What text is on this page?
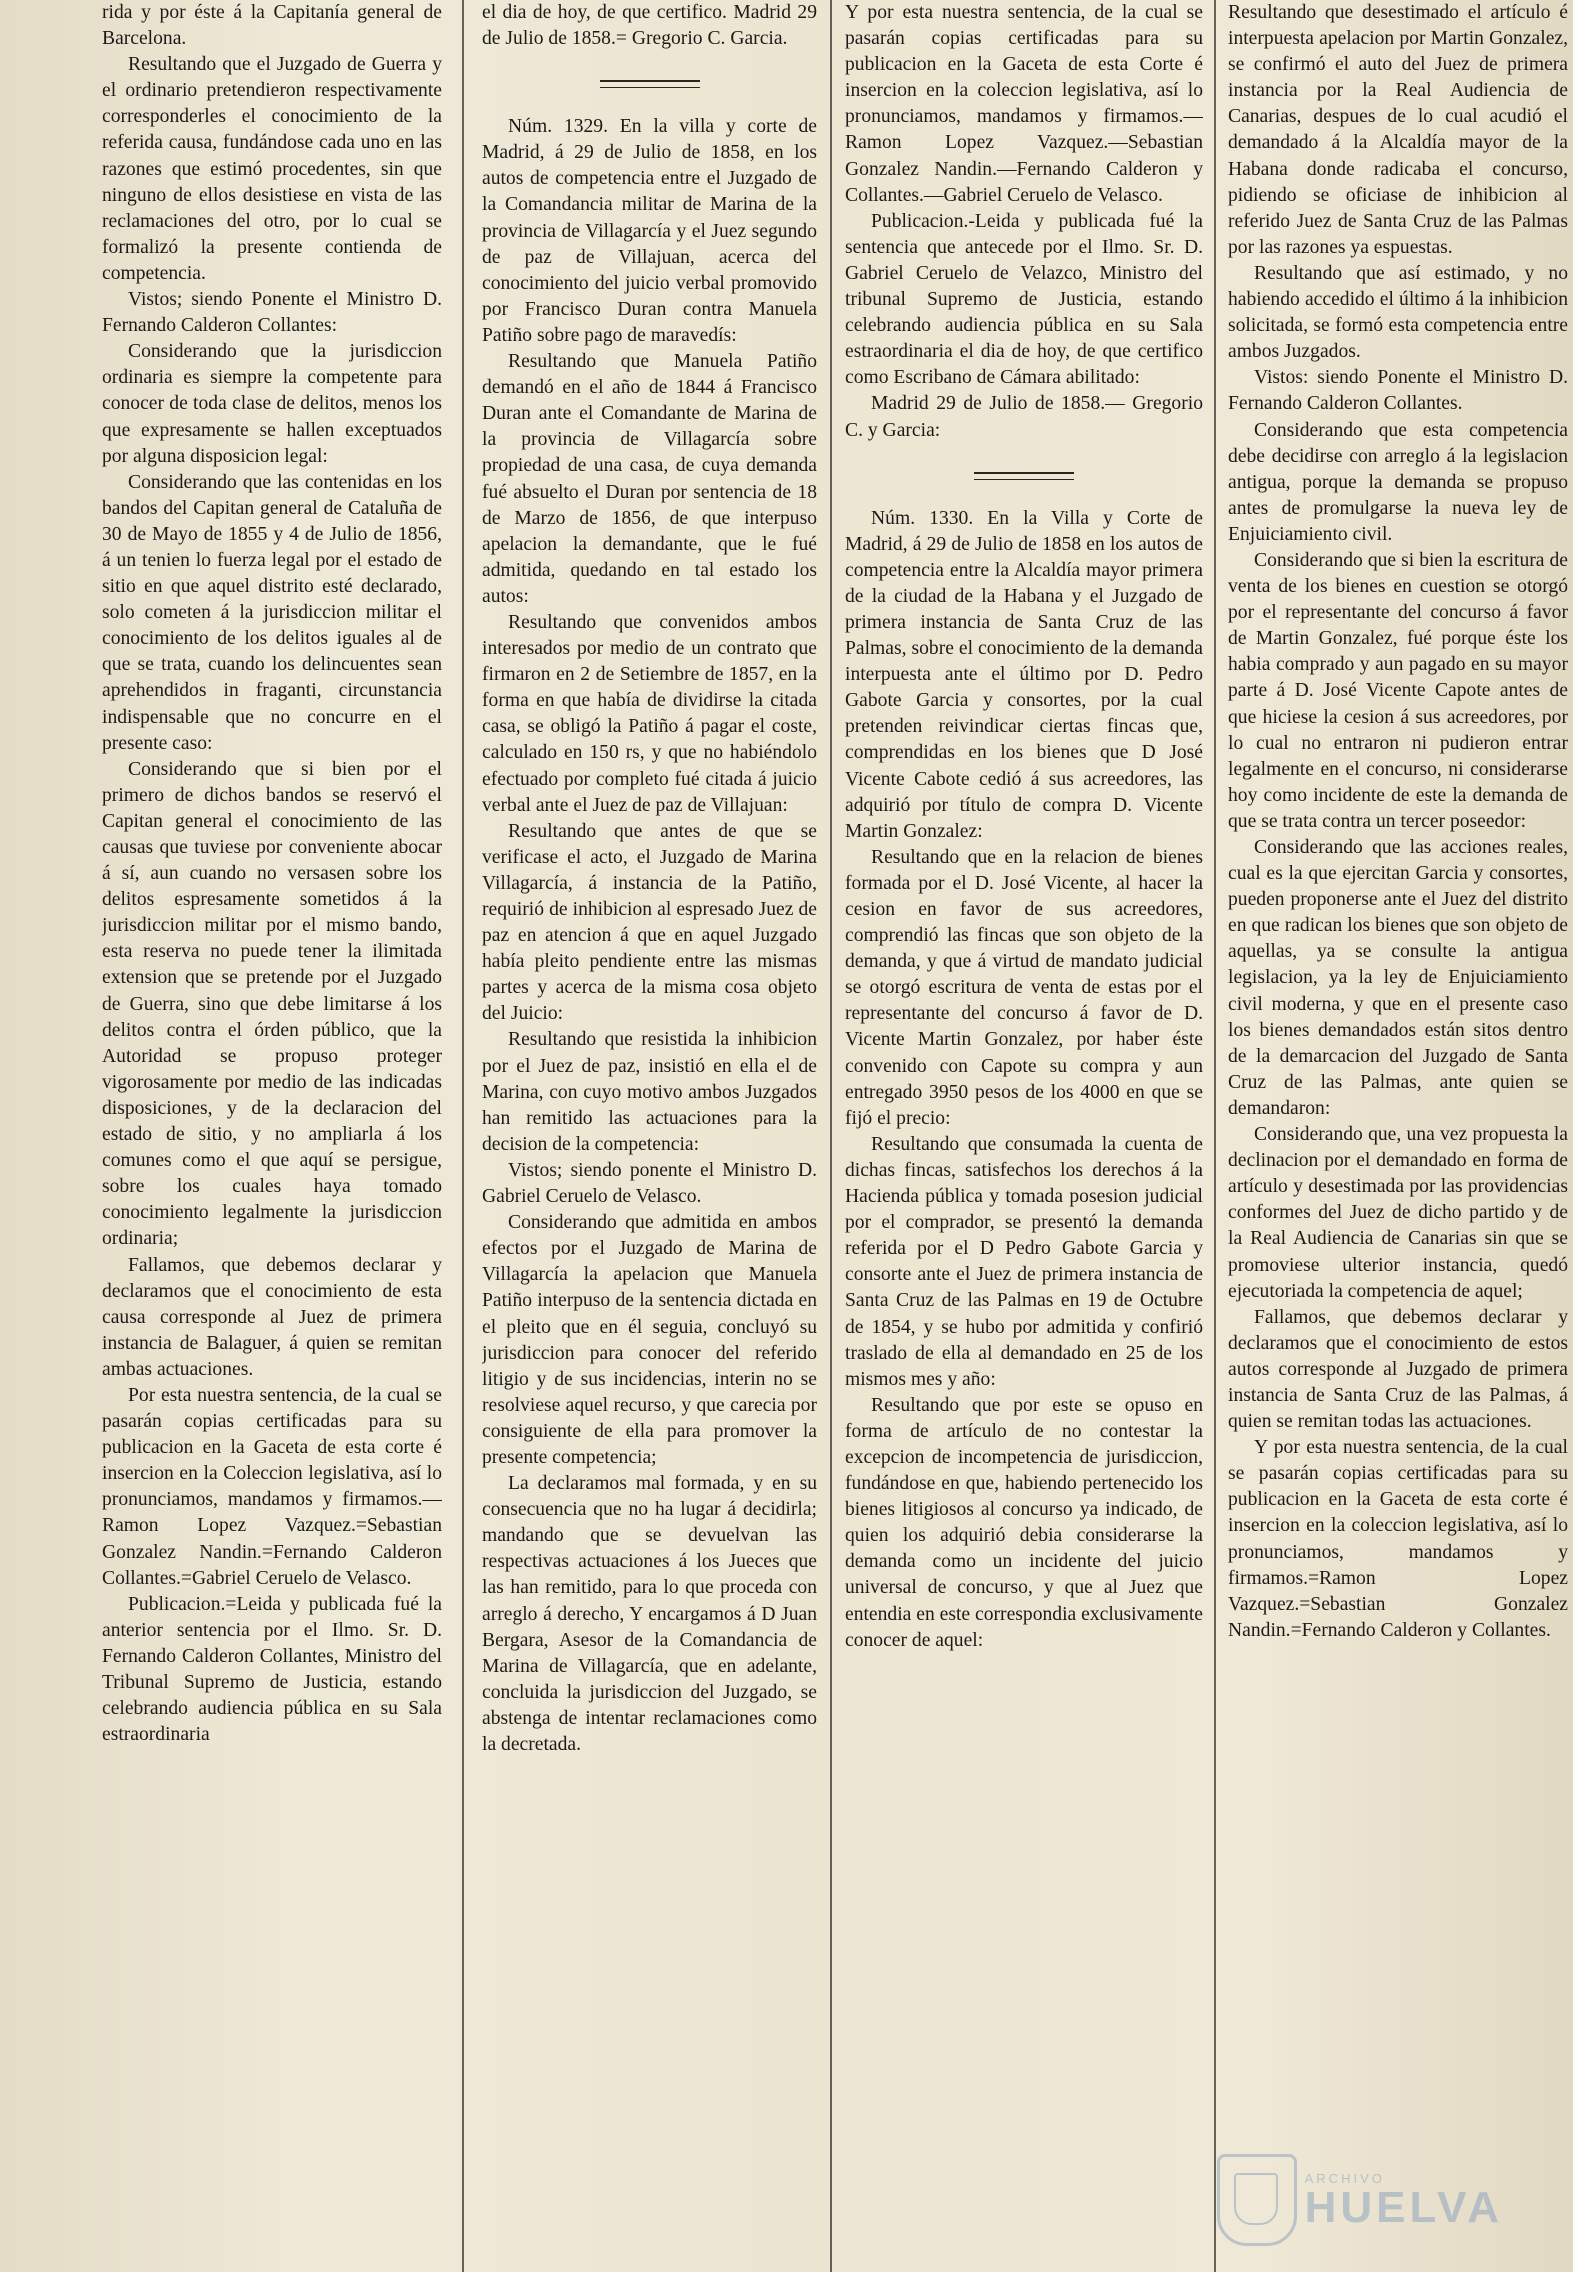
rida y por éste á la Capitanía general de Barcelona.

Resultando que el Juzgado de Guerra y el ordinario pretendieron respectivamente corresponderles el conocimiento de la referida causa, fundándose cada uno en las razones que estimó procedentes, sin que ninguno de ellos desistiese en vista de las reclamaciones del otro, por lo cual se formalizó la presente contienda de competencia.

Vistos; siendo Ponente el Ministro D. Fernando Calderon Collantes:

Considerando que la jurisdiccion ordinaria es siempre la competente para conocer de toda clase de delitos, menos los que expresamente se hallen exceptuados por alguna disposicion legal:

Considerando que las contenidas en los bandos del Capitan general de Cataluña de 30 de Mayo de 1855 y 4 de Julio de 1856, á un tenien lo fuerza legal por el estado de sitio en que aquel distrito esté declarado, solo cometen á la jurisdiccion militar el conocimiento de los delitos iguales al de que se trata, cuando los delincuentes sean aprehendidos in fraganti, circunstancia indispensable que no concurre en el presente caso:

Considerando que si bien por el primero de dichos bandos se reservó el Capitan general el conocimiento de las causas que tuviese por conveniente abocar á sí, aun cuando no versasen sobre los delitos espresamente sometidos á la jurisdiccion militar por el mismo bando, esta reserva no puede tener la ilimitada extension que se pretende por el Juzgado de Guerra, sino que debe limitarse á los delitos contra el órden público, que la Autoridad se propuso proteger vigorosamente por medio de las indicadas disposiciones, y de la declaracion del estado de sitio, y no ampliarla á los comunes como el que aquí se persigue, sobre los cuales haya tomado conocimiento legalmente la jurisdiccion ordinaria;

Fallamos, que debemos declarar y declaramos que el conocimiento de esta causa corresponde al Juez de primera instancia de Balaguer, á quien se remitan ambas actuaciones.

Por esta nuestra sentencia, de la cual se pasarán copias certificadas para su publicacion en la Gaceta de esta corte é insercion en la Coleccion legislativa, así lo pronunciamos, mandamos y firmamos.—Ramon Lopez Vazquez.=Sebastian Gonzalez Nandin.=Fernando Calderon Collantes.=Gabriel Ceruelo de Velasco.

Publicacion.=Leida y publicada fué la anterior sentencia por el Ilmo. Sr. D. Fernando Calderon Collantes, Ministro del Tribunal Supremo de Justicia, estando celebrando audiencia pública en su Sala estraordinaria

el dia de hoy, de que certifico. Madrid 29 de Julio de 1858.= Gregorio C. Garcia.

Núm. 1329. En la villa y corte de Madrid, á 29 de Julio de 1858, en los autos de competencia entre el Juzgado de la Comandancia militar de Marina de la provincia de Villagarcía y el Juez segundo de paz de Villajuan, acerca del conocimiento del juicio verbal promovido por Francisco Duran contra Manuela Patiño sobre pago de maravedís:

Resultando que Manuela Patiño demandó en el año de 1844 á Francisco Duran ante el Comandante de Marina de la provincia de Villagarcía sobre propiedad de una casa, de cuya demanda fué absuelto el Duran por sentencia de 18 de Marzo de 1856, de que interpuso apelacion la demandante, que le fué admitida, quedando en tal estado los autos:

Resultando que convenidos ambos interesados por medio de un contrato que firmaron en 2 de Setiembre de 1857, en la forma en que había de dividirse la citada casa, se obligó la Patiño á pagar el coste, calculado en 150 rs, y que no habiéndolo efectuado por completo fué citada á juicio verbal ante el Juez de paz de Villajuan:

Resultando que antes de que se verificase el acto, el Juzgado de Marina Villagarcía, á instancia de la Patiño, requirió de inhibicion al espresado Juez de paz en atencion á que en aquel Juzgado había pleito pendiente entre las mismas partes y acerca de la misma cosa objeto del Juicio:

Resultando que resistida la inhibicion por el Juez de paz, insistió en ella el de Marina, con cuyo motivo ambos Juzgados han remitido las actuaciones para la decision de la competencia:

Vistos; siendo ponente el Ministro D. Gabriel Ceruelo de Velasco.

Considerando que admitida en ambos efectos por el Juzgado de Marina de Villagarcía la apelacion que Manuela Patiño interpuso de la sentencia dictada en el pleito que en él seguia, concluyó su jurisdiccion para conocer del referido litigio y de sus incidencias, interin no se resolviese aquel recurso, y que carecia por consiguiente de ella para promover la presente competencia;

La declaramos mal formada, y en su consecuencia que no ha lugar á decidirla; mandando que se devuelvan las respectivas actuaciones á los Jueces que las han remitido, para lo que proceda con arreglo á derecho, Y encargamos á D Juan Bergara, Asesor de la Comandancia de Marina de Villagarcía, que en adelante, concluida la jurisdiccion del Juzgado, se abstenga de intentar reclamaciones como la decretada.

Y por esta nuestra sentencia, de la cual se pasarán copias certificadas para su publicacion en la Gaceta de esta Corte é insercion en la coleccion legislativa, así lo pronunciamos, mandamos y firmamos.—Ramon Lopez Vazquez.—Sebastian Gonzalez Nandin.—Fernando Calderon y Collantes.—Gabriel Ceruelo de Velasco.

Publicacion.-Leida y publicada fué la sentencia que antecede por el Ilmo. Sr. D. Gabriel Ceruelo de Velazco, Ministro del tribunal Supremo de Justicia, estando celebrando audiencia pública en su Sala estraordinaria el dia de hoy, de que certifico como Escribano de Cámara abilitado:

Madrid 29 de Julio de 1858.— Gregorio C. y Garcia:

Núm. 1330. En la Villa y Corte de Madrid, á 29 de Julio de 1858 en los autos de competencia entre la Alcaldía mayor primera de la ciudad de la Habana y el Juzgado de primera instancia de Santa Cruz de las Palmas, sobre el conocimiento de la demanda interpuesta ante el último por D. Pedro Gabote Garcia y consortes, por la cual pretenden reivindicar ciertas fincas que, comprendidas en los bienes que D José Vicente Cabote cedió á sus acreedores, las adquirió por título de compra D. Vicente Martin Gonzalez:

Resultando que en la relacion de bienes formada por el D. José Vicente, al hacer la cesion en favor de sus acreedores, comprendió las fincas que son objeto de la demanda, y que á virtud de mandato judicial se otorgó escritura de venta de estas por el representante del concurso á favor de D. Vicente Martin Gonzalez, por haber éste convenido con Capote su compra y aun entregado 3950 pesos de los 4000 en que se fijó el precio:

Resultando que consumada la cuenta de dichas fincas, satisfechos los derechos á la Hacienda pública y tomada posesion judicial por el comprador, se presentó la demanda referida por el D Pedro Gabote Garcia y consorte ante el Juez de primera instancia de Santa Cruz de las Palmas en 19 de Octubre de 1854, y se hubo por admitida y confirió traslado de ella al demandado en 25 de los mismos mes y año:

Resultando que por este se opuso en forma de artículo de no contestar la excepcion de incompetencia de jurisdiccion, fundándose en que, habiendo pertenecido los bienes litigiosos al concurso ya indicado, de quien los adquirió debia considerarse la demanda como un incidente del juicio universal de concurso, y que al Juez que entendia en este correspondia exclusivamente conocer de aquel:

Resultando que desestimado el artículo é interpuesta apelacion por Martin Gonzalez, se confirmó el auto del Juez de primera instancia por la Real Audiencia de Canarias, despues de lo cual acudió el demandado á la Alcaldía mayor de la Habana donde radicaba el concurso, pidiendo se oficiase de inhibicion al referido Juez de Santa Cruz de las Palmas por las razones ya espuestas.

Resultando que así estimado, y no habiendo accedido el último á la inhibicion solicitada, se formó esta competencia entre ambos Juzgados.

Vistos: siendo Ponente el Ministro D. Fernando Calderon Collantes.

Considerando que esta competencia debe decidirse con arreglo á la legislacion antigua, porque la demanda se propuso antes de promulgarse la nueva ley de Enjuiciamiento civil.

Considerando que si bien la escritura de venta de los bienes en cuestion se otorgó por el representante del concurso á favor de Martin Gonzalez, fué porque éste los habia comprado y aun pagado en su mayor parte á D. José Vicente Capote antes de que hiciese la cesion á sus acreedores, por lo cual no entraron ni pudieron entrar legalmente en el concurso, ni considerarse hoy como incidente de este la demanda de que se trata contra un tercer poseedor:

Considerando que las acciones reales, cual es la que ejercitan Garcia y consortes, pueden proponerse ante el Juez del distrito en que radican los bienes que son objeto de aquellas, ya se consulte la antigua legislacion, ya la ley de Enjuiciamiento civil moderna, y que en el presente caso los bienes demandados están sitos dentro de la demarcacion del Juzgado de Santa Cruz de las Palmas, ante quien se demandaron:

Considerando que, una vez propuesta la declinacion por el demandado en forma de artículo y desestimada por las providencias conformes del Juez de dicho partido y de la Real Audiencia de Canarias sin que se promoviese ulterior instancia, quedó ejecutoriada la competencia de aquel;

Fallamos, que debemos declarar y declaramos que el conocimiento de estos autos corresponde al Juzgado de primera instancia de Santa Cruz de las Palmas, á quien se remitan todas las actuaciones.

Y por esta nuestra sentencia, de la cual se pasarán copias certificadas para su publicacion en la Gaceta de esta corte é insercion en la coleccion legislativa, así lo pronunciamos, mandamos y firmamos.=Ramon Lopez Vazquez.=Sebastian Gonzalez Nandin.=Fernando Calderon y Collantes.

ARCHIVO
HUELVA
